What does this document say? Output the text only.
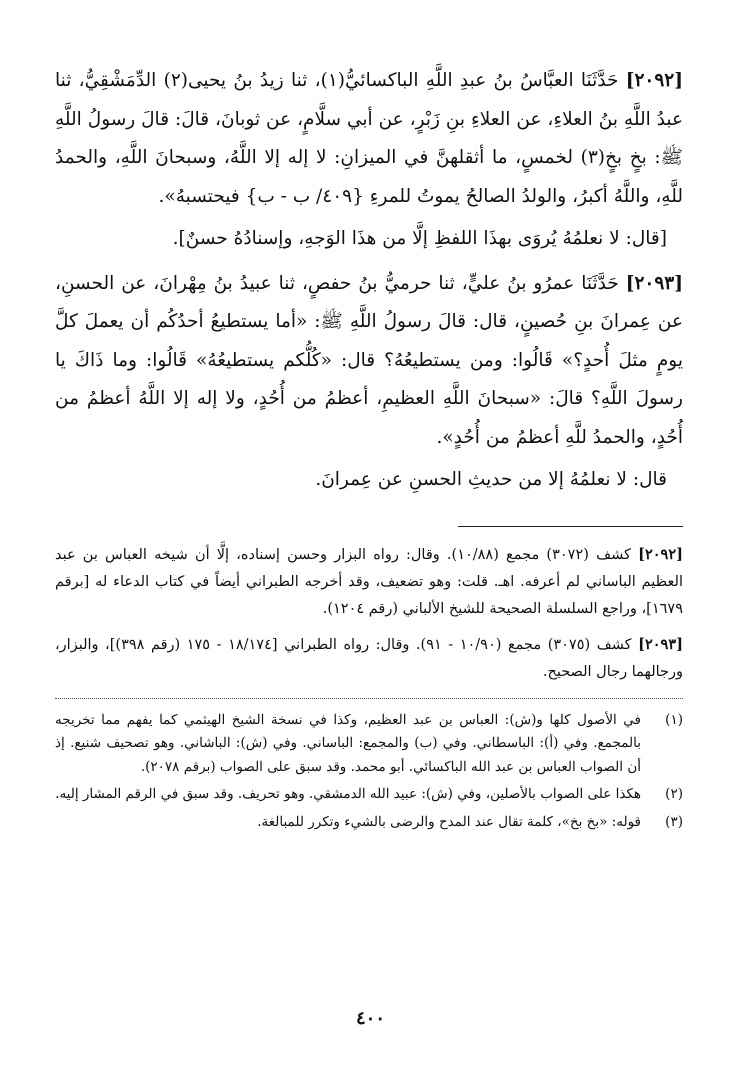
[٢٠٩٢] حَدَّثَنَا العبَّاسُ بنُ عبدِ اللَّهِ الباكسائيُّ(١)، ثنا زيدُ بنُ يحيى(٢) الدِّمَشْقِيُّ، ثنا عبدُ اللَّهِ بنُ العلاءِ، عن العلاءِ بنِ زَبْرٍ، عن أبي سلَّامٍ، عن ثوبانَ، قالَ: قالَ رسولُ اللَّهِ ﷺ: بخٍ بخٍ(٣) لخمسٍ، ما أثقلهنَّ في الميزانِ: لا إله إلا اللَّهُ، وسبحانَ اللَّهِ، والحمدُ للَّهِ، واللَّهُ أكبرُ، والولدُ الصالحُ يموتُ للمرءِ {٤٠٩/ ب - ب} فيحتسبهُ».

[قال: لا نعلمُهُ يُروَى بهذَا اللفظِ إلَّا من هذَا الوَجهِ، وإسنادُهُ حسنٌ].

[٢٠٩٣] حَدَّثَنَا عمرُو بنُ عليٍّ، ثنا حرميُّ بنُ حفصٍ، ثنا عبيدُ بنُ مِهْرانَ، عن الحسنِ، عن عِمرانَ بنِ حُصينٍ، قال: قالَ رسولُ اللَّهِ ﷺ: «أما يستطيعُ أحدُكُم أن يعملَ كلَّ يومٍ مثلَ أُحدٍ؟» قَالُوا: ومن يستطيعُهُ؟ قال: «كُلُّكم يستطيعُهُ» قَالُوا: وما ذَاكَ يا رسولَ اللَّهِ؟ قالَ: «سبحانَ اللَّهِ العظيمِ، أعظمُ من أُحُدٍ، ولا إله إلا اللَّهُ أعظمُ من أُحُدٍ، والحمدُ للَّهِ أعظمُ من أُحُدٍ».

قال: لا نعلمُهُ إلا من حديثِ الحسنِ عن عِمرانَ.

[٢٠٩٢] كشف (٣٠٧٢) مجمع (١٠/٨٨). وقال: رواه البزار وحسن إسناده، إلَّا أن شيخه العباس بن عبد العظيم الباساني لم أعرفه. اهـ. قلت: وهو تضعيف، وقد أخرجه الطبراني أيضاً في كتاب الدعاء له [برقم ١٦٧٩]، وراجع السلسلة الصحيحة للشيخ الألباني (رقم ١٢٠٤).

[٢٠٩٣] كشف (٣٠٧٥) مجمع (١٠/٩٠ - ٩١). وقال: رواه الطبراني [١٨/١٧٤ - ١٧٥ (رقم ٣٩٨)]، والبزار، ورجالهما رجال الصحيح.

(١)
في الأصول كلها و(ش): العباس بن عبد العظيم، وكذا في نسخة الشيخ الهيثمي كما يفهم مما تخريجه بالمجمع. وفي (أ): الباسطاني. وفي (ب) والمجمع: الباساني. وفي (ش): الباشاني. وهو تصحيف شنيع. إذ أن الصواب العباس بن عبد الله الباكسائي. أبو محمد. وقد سبق على الصواب (برقم ٢٠٧٨).
(٢)
هكذا على الصواب بالأصلين، وفي (ش): عبيد الله الدمشقي. وهو تحريف. وقد سبق في الرقم المشار إليه.
(٣)
قوله: «بخ بخ»، كلمة تقال عند المدح والرضى بالشيء وتكرر للمبالغة.
٤٠٠
